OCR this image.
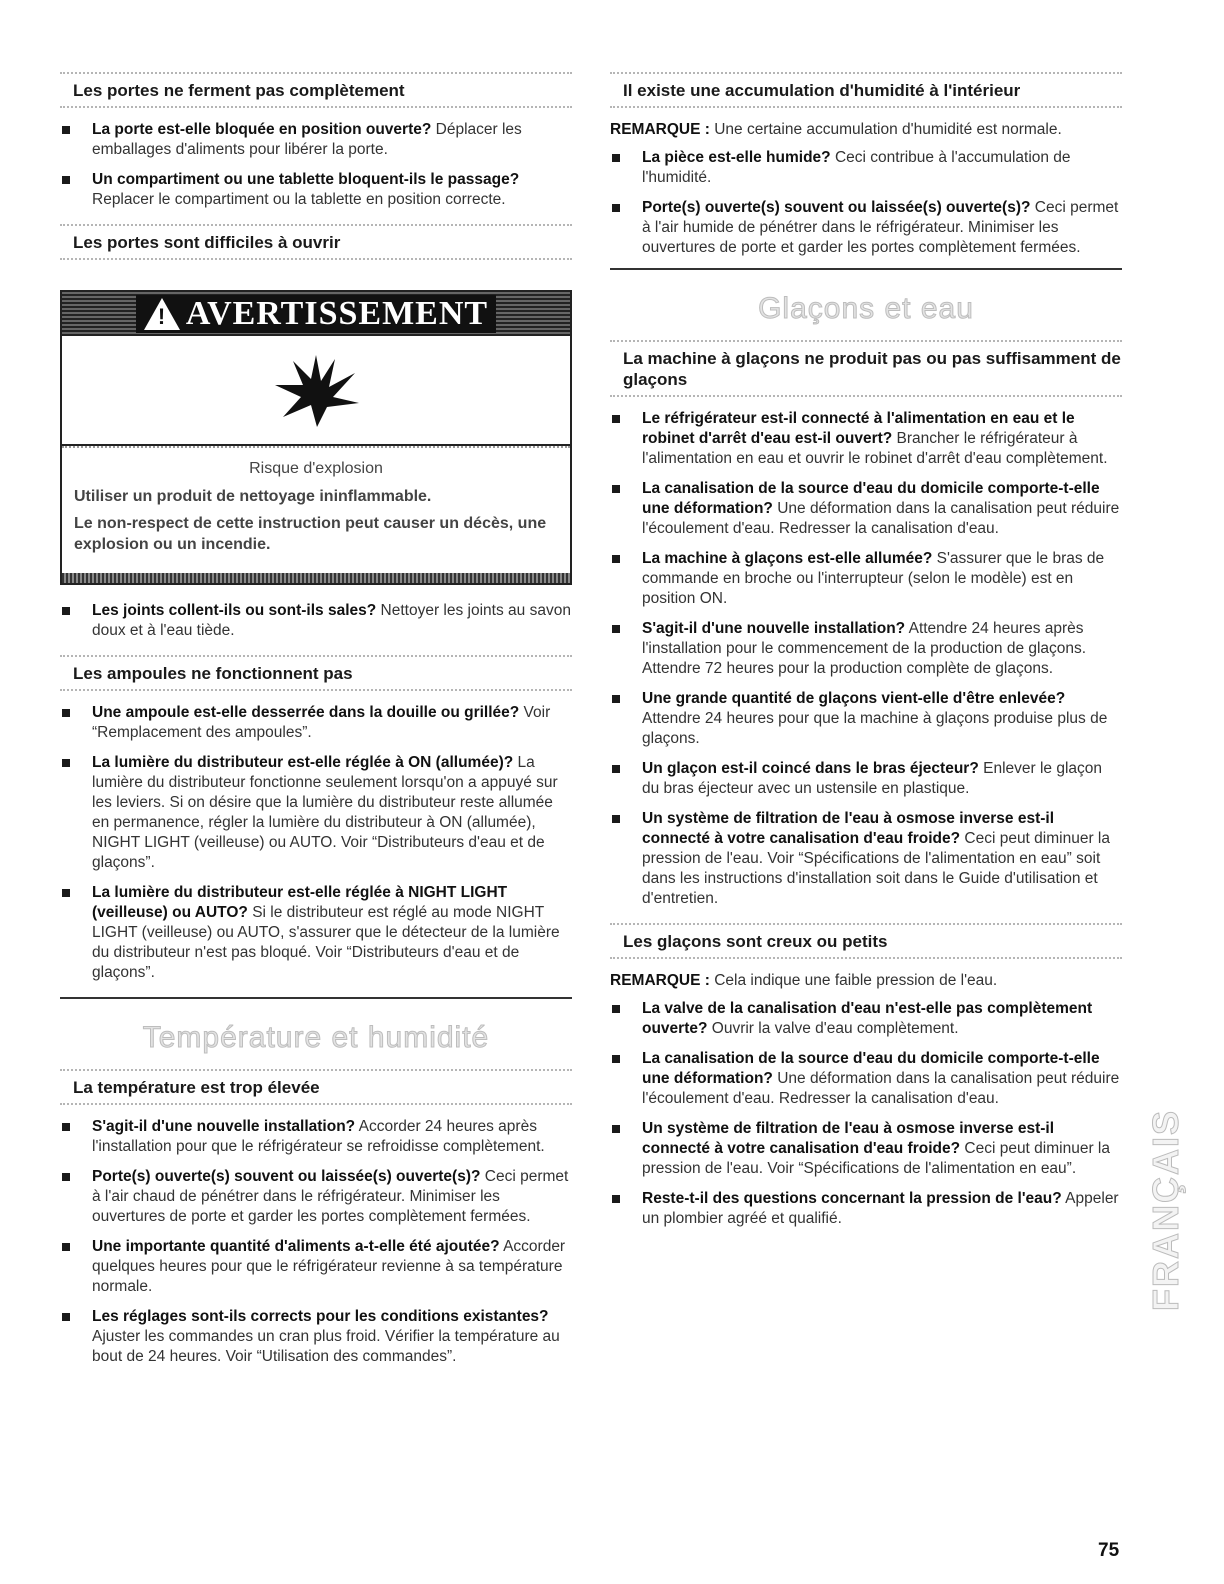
Les portes ne ferment pas complètement
La porte est-elle bloquée en position ouverte? Déplacer les emballages d'aliments pour libérer la porte.
Un compartiment ou une tablette bloquent-ils le passage? Replacer le compartiment ou la tablette en position correcte.
Les portes sont difficiles à ouvrir
! AVERTISSEMENT
Risque d'explosion

Utiliser un produit de nettoyage ininflammable.

Le non-respect de cette instruction peut causer un décès, une explosion ou un incendie.

Les joints collent-ils ou sont-ils sales? Nettoyer les joints au savon doux et à l'eau tiède.
Les ampoules ne fonctionnent pas
Une ampoule est-elle desserrée dans la douille ou grillée? Voir “Remplacement des ampoules”.
La lumière du distributeur est-elle réglée à ON (allumée)? La lumière du distributeur fonctionne seulement lorsqu'on a appuyé sur les leviers. Si on désire que la lumière du distributeur reste allumée en permanence, régler la lumière du distributeur à ON (allumée), NIGHT LIGHT (veilleuse) ou AUTO. Voir “Distributeurs d'eau et de glaçons”.
La lumière du distributeur est-elle réglée à NIGHT LIGHT (veilleuse) ou AUTO? Si le distributeur est réglé au mode NIGHT LIGHT (veilleuse) ou AUTO, s'assurer que le détecteur de la lumière du distributeur n'est pas bloqué. Voir “Distributeurs d'eau et de glaçons”.
Température et humidité
La température est trop élevée
S'agit-il d'une nouvelle installation? Accorder 24 heures après l'installation pour que le réfrigérateur se refroidisse complètement.
Porte(s) ouverte(s) souvent ou laissée(s) ouverte(s)? Ceci permet à l'air chaud de pénétrer dans le réfrigérateur. Minimiser les ouvertures de porte et garder les portes complètement fermées.
Une importante quantité d'aliments a-t-elle été ajoutée? Accorder quelques heures pour que le réfrigérateur revienne à sa température normale.
Les réglages sont-ils corrects pour les conditions existantes? Ajuster les commandes un cran plus froid. Vérifier la température au bout de 24 heures. Voir “Utilisation des commandes”.
Il existe une accumulation d'humidité à l'intérieur

REMARQUE : Une certaine accumulation d'humidité est normale.

La pièce est-elle humide? Ceci contribue à l'accumulation de l'humidité.
Porte(s) ouverte(s) souvent ou laissée(s) ouverte(s)? Ceci permet à l'air humide de pénétrer dans le réfrigérateur. Minimiser les ouvertures de porte et garder les portes complètement fermées.
Glaçons et eau
La machine à glaçons ne produit pas ou pas suffisamment de glaçons
Le réfrigérateur est-il connecté à l'alimentation en eau et le robinet d'arrêt d'eau est-il ouvert? Brancher le réfrigérateur à l'alimentation en eau et ouvrir le robinet d'arrêt d'eau complètement.
La canalisation de la source d'eau du domicile comporte-t-elle une déformation? Une déformation dans la canalisation peut réduire l'écoulement d'eau. Redresser la canalisation d'eau.
La machine à glaçons est-elle allumée? S'assurer que le bras de commande en broche ou l'interrupteur (selon le modèle) est en position ON.
S'agit-il d'une nouvelle installation? Attendre 24 heures après l'installation pour le commencement de la production de glaçons. Attendre 72 heures pour la production complète de glaçons.
Une grande quantité de glaçons vient-elle d'être enlevée? Attendre 24 heures pour que la machine à glaçons produise plus de glaçons.
Un glaçon est-il coincé dans le bras éjecteur? Enlever le glaçon du bras éjecteur avec un ustensile en plastique.
Un système de filtration de l'eau à osmose inverse est-il connecté à votre canalisation d'eau froide? Ceci peut diminuer la pression de l'eau. Voir “Spécifications de l'alimentation en eau” soit dans les instructions d'installation soit dans le Guide d'utilisation et d'entretien.
Les glaçons sont creux ou petits

REMARQUE : Cela indique une faible pression de l'eau.

La valve de la canalisation d'eau n'est-elle pas complètement ouverte? Ouvrir la valve d'eau complètement.
La canalisation de la source d'eau du domicile comporte-t-elle une déformation? Une déformation dans la canalisation peut réduire l'écoulement d'eau. Redresser la canalisation d'eau.
Un système de filtration de l'eau à osmose inverse est-il connecté à votre canalisation d'eau froide? Ceci peut diminuer la pression de l'eau. Voir “Spécifications de l'alimentation en eau”.
Reste-t-il des questions concernant la pression de l'eau? Appeler un plombier agréé et qualifié.	FRANÇAIS
75
